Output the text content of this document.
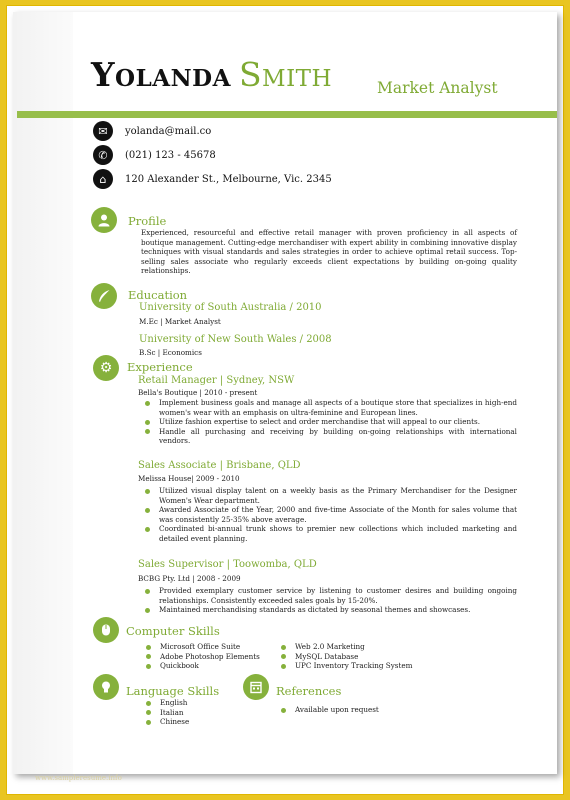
Yolanda Smith	Market Analyst
✉	yolanda@mail.co
✆	(021) 123 - 45678
⌂	120 Alexander St., Melbourne, Vic. 2345
Profile
Experienced, resourceful and effective retail manager with proven proficiency in all aspects of boutique management. Cutting-edge merchandiser with expert ability in combining innovative display techniques with visual standards and sales strategies in order to achieve optimal retail success. Top-selling sales associate who regularly exceeds client expectations by building on-going quality relationships.
Education
University of South Australia / 2010
M.Ec | Market Analyst
University of New South Wales / 2008
B.Sc | Economics
⚙	Experience
Retail Manager | Sydney, NSW
Bella's Boutique | 2010 - present
Implement business goals and manage all aspects of a boutique store that specializes in high-end women's wear with an emphasis on ultra-feminine and European lines.
Utilize fashion expertise to select and order merchandise that will appeal to our clients.
Handle all purchasing and receiving by building on-going relationships with international vendors.
Sales Associate | Brisbane, QLD
Melissa House| 2009 - 2010
Utilized visual display talent on a weekly basis as the Primary Merchandiser for the Designer Women's Wear department.
Awarded Associate of the Year, 2000 and five-time Associate of the Month for sales volume that was consistently 25-35% above average.
Coordinated bi-annual trunk shows to premier new collections which included marketing and detailed event planning.
Sales Supervisor | Toowomba, QLD
BCBG Pty. Ltd | 2008 - 2009
Provided exemplary customer service by listening to customer desires and building ongoing relationships. Consistently exceeded sales goals by 15-20%.
Maintained merchandising standards as dictated by seasonal themes and showcases.
Computer Skills
Microsoft Office Suite
Adobe Photoshop Elements
Quickbook
Web 2.0 Marketing
MySQL Database
UPC Inventory Tracking System
Language Skills
English
Italian
Chinese
References
Available upon request
www.sampleresume.info
